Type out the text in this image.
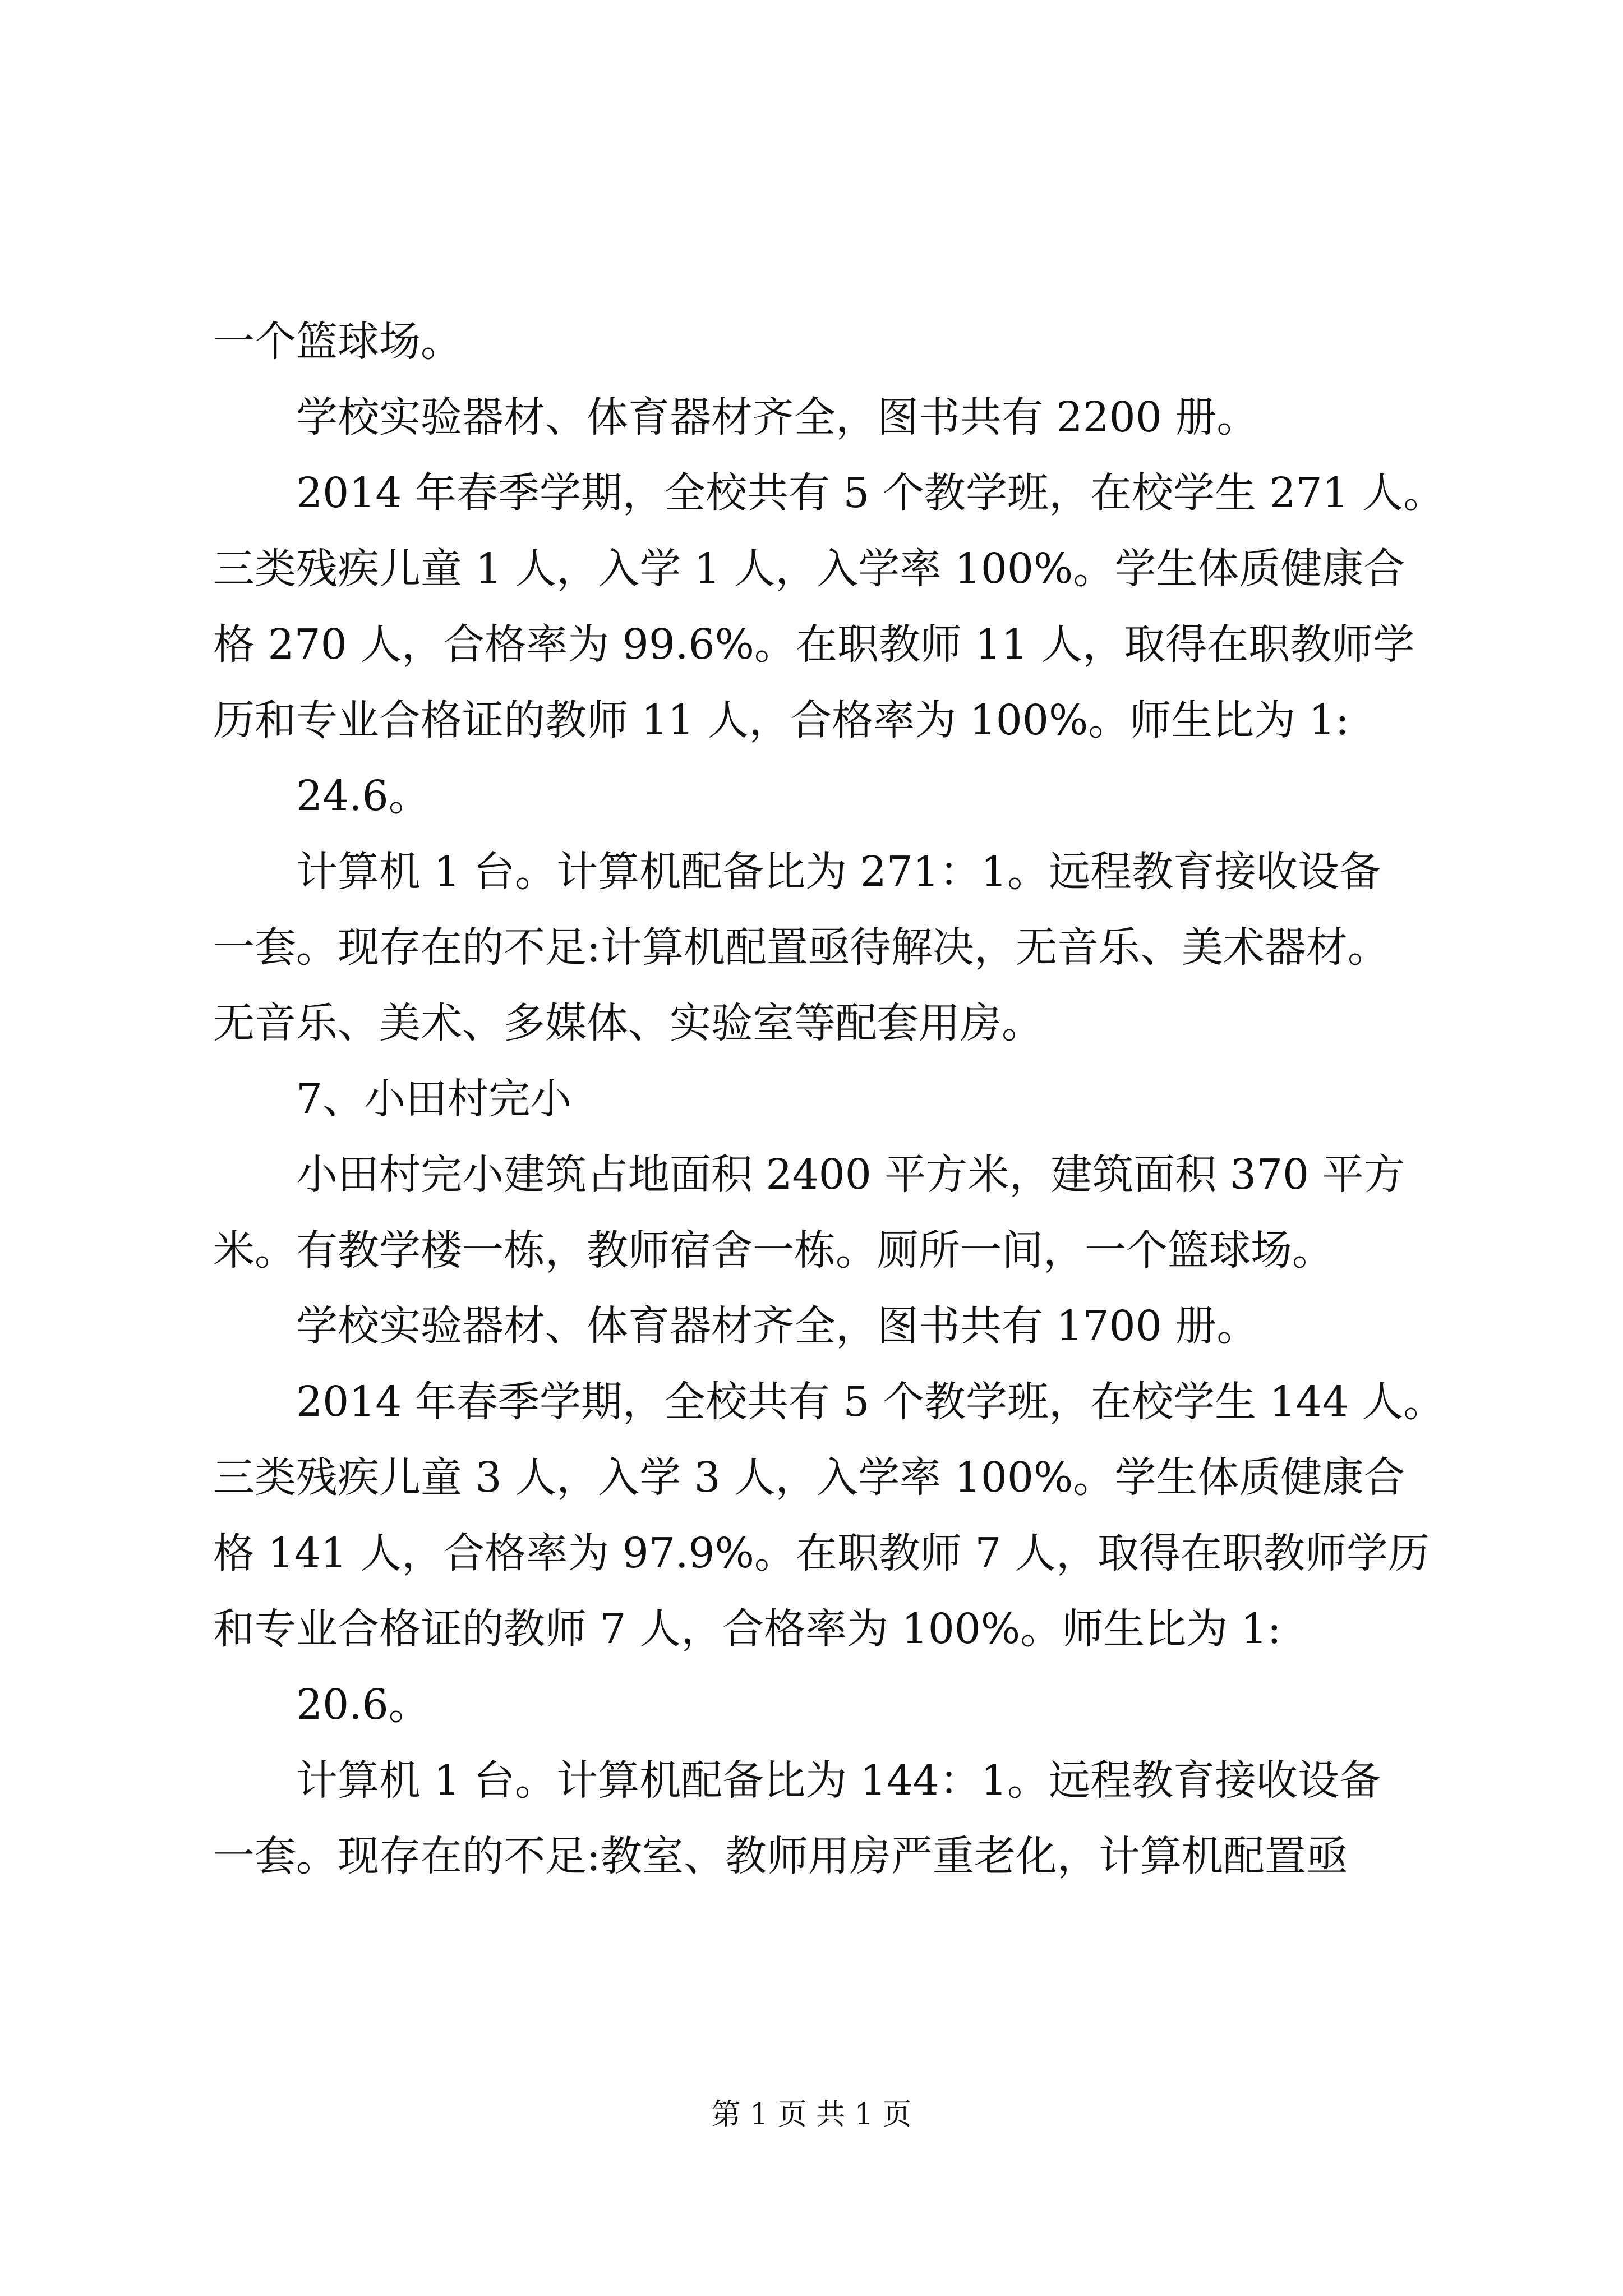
一个篮球场。

学校实验器材、体育器材齐全，图书共有 2200 册。

2014 年春季学期，全校共有 5 个教学班，在校学生 271 人。

三类残疾儿童 1 人，入学 1 人，入学率 100%。学生体质健康合

格 270 人，合格率为 99.6%。在职教师 11 人，取得在职教师学

历和专业合格证的教师 11 人，合格率为 100%。师生比为 1:

24.6。

计算机 1 台。计算机配备比为 271：1。远程教育接收设备

一套。现存在的不足:计算机配置亟待解决，无音乐、美术器材。

无音乐、美术、多媒体、实验室等配套用房。

7、小田村完小

小田村完小建筑占地面积 2400 平方米，建筑面积 370 平方

米。有教学楼一栋，教师宿舍一栋。厕所一间，一个篮球场。

学校实验器材、体育器材齐全，图书共有 1700 册。

2014 年春季学期，全校共有 5 个教学班，在校学生 144 人。

三类残疾儿童 3 人，入学 3 人，入学率 100%。学生体质健康合

格 141 人，合格率为 97.9%。在职教师 7 人，取得在职教师学历

和专业合格证的教师 7 人，合格率为 100%。师生比为 1:

20.6。

计算机 1 台。计算机配备比为 144：1。远程教育接收设备

一套。现存在的不足:教室、教师用房严重老化，计算机配置亟

第 1 页 共 1 页
